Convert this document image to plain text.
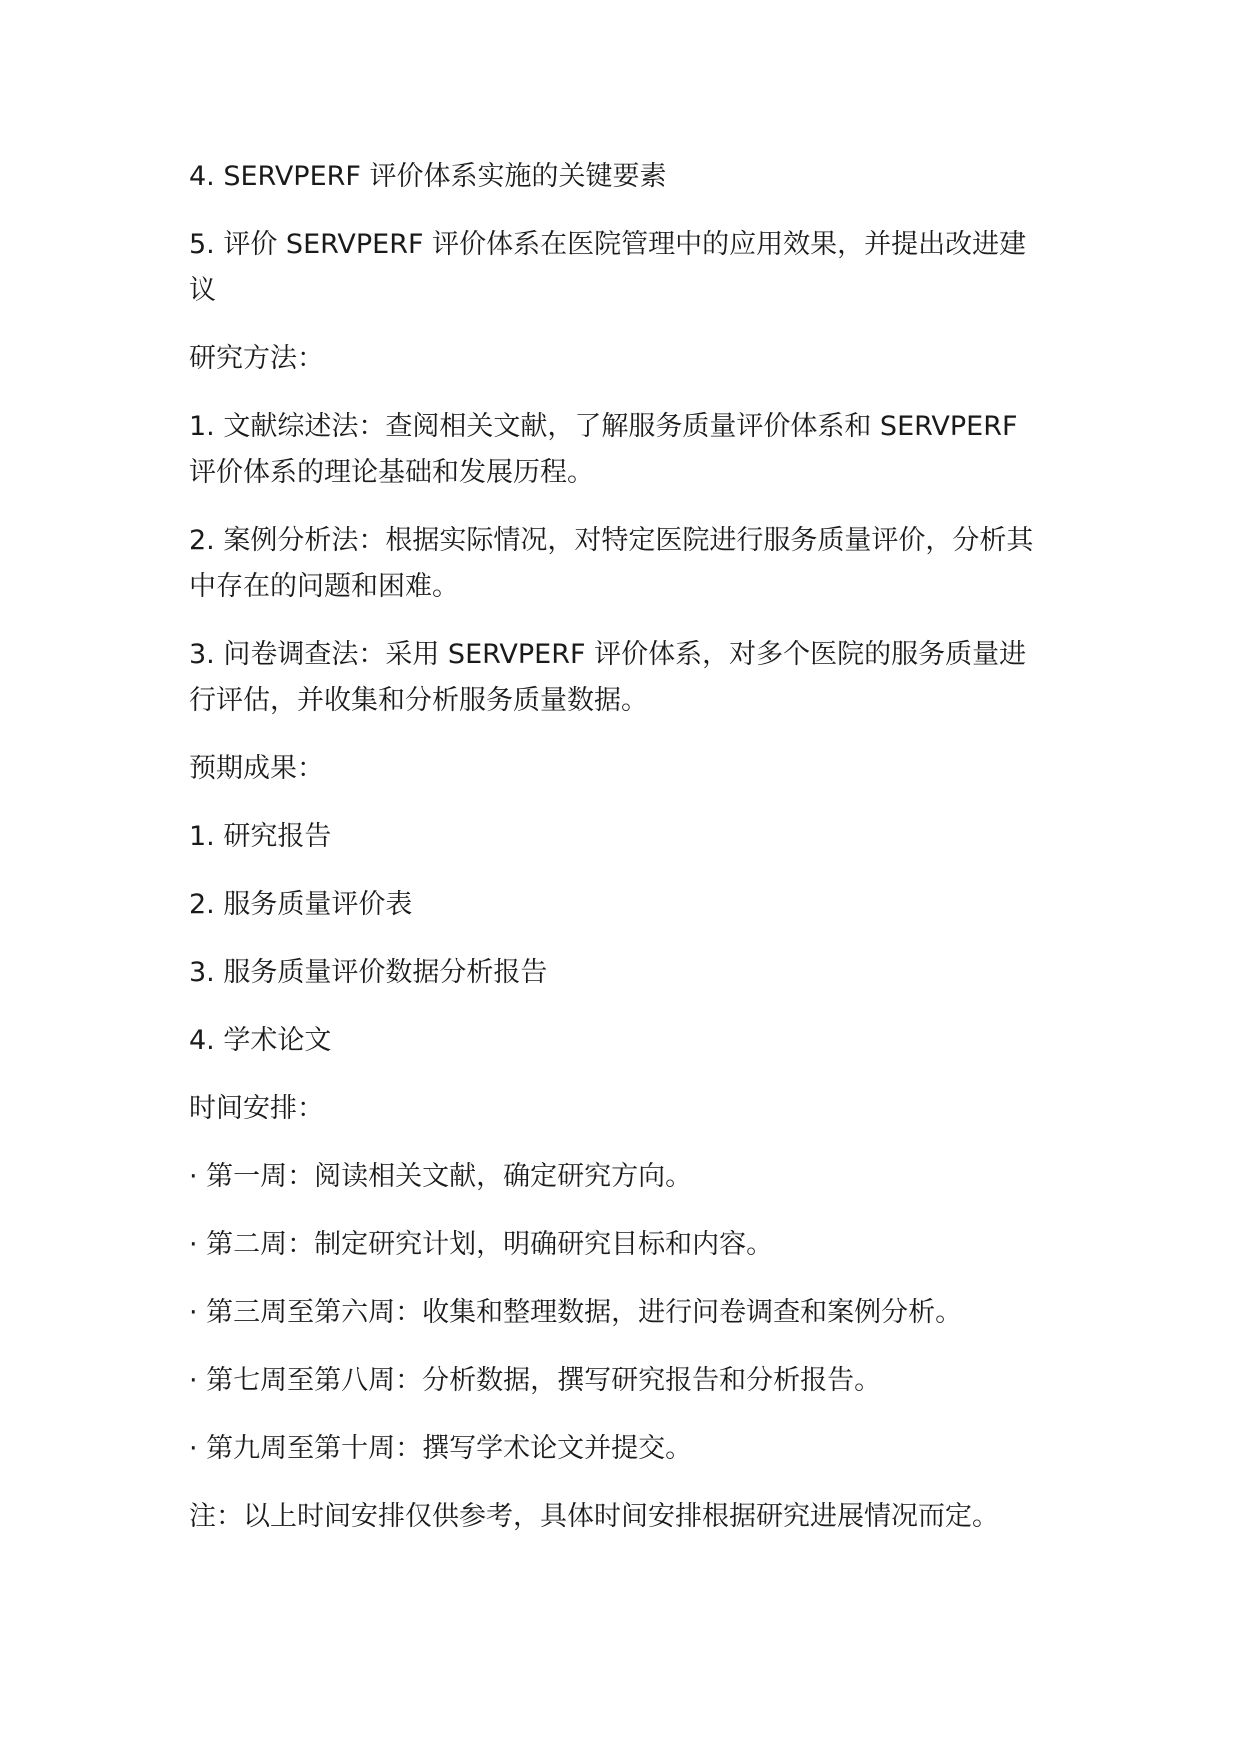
4. SERVPERF 评价体系实施的关键要素

5. 评价 SERVPERF 评价体系在医院管理中的应用效果，并提出改进建议

研究方法：

1. 文献综述法：查阅相关文献，了解服务质量评价体系和 SERVPERF 评价体系的理论基础和发展历程。

2. 案例分析法：根据实际情况，对特定医院进行服务质量评价，分析其中存在的问题和困难。

3. 问卷调查法：采用 SERVPERF 评价体系，对多个医院的服务质量进行评估，并收集和分析服务质量数据。

预期成果：

1. 研究报告

2. 服务质量评价表

3. 服务质量评价数据分析报告

4. 学术论文

时间安排：

· 第一周：阅读相关文献，确定研究方向。

· 第二周：制定研究计划，明确研究目标和内容。

· 第三周至第六周：收集和整理数据，进行问卷调查和案例分析。

· 第七周至第八周：分析数据，撰写研究报告和分析报告。

· 第九周至第十周：撰写学术论文并提交。

注：以上时间安排仅供参考，具体时间安排根据研究进展情况而定。
